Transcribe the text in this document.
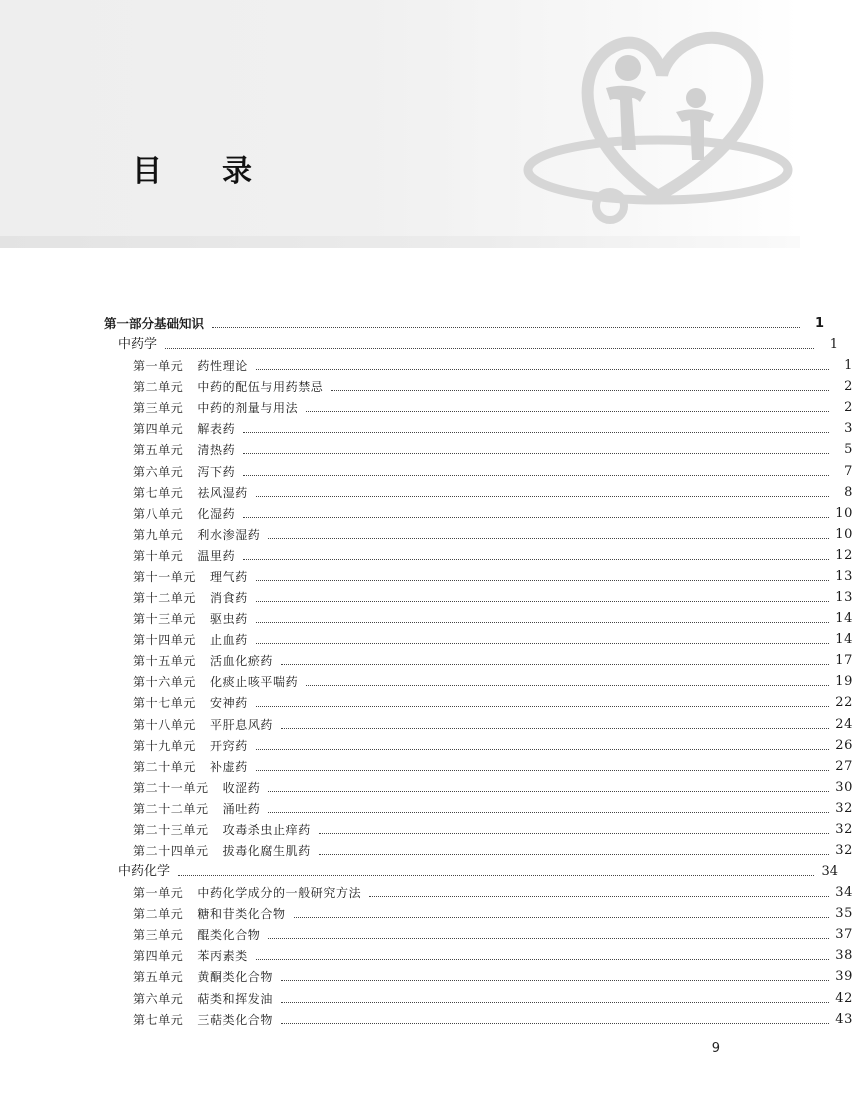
目 录
第一部分基础知识	1
中药学	1
第一单元 药性理论	1
第二单元 中药的配伍与用药禁忌	2
第三单元 中药的剂量与用法	2
第四单元 解表药	3
第五单元 清热药	5
第六单元 泻下药	7
第七单元 祛风湿药	8
第八单元 化湿药	10
第九单元 利水渗湿药	10
第十单元 温里药	12
第十一单元 理气药	13
第十二单元 消食药	13
第十三单元 驱虫药	14
第十四单元 止血药	14
第十五单元 活血化瘀药	17
第十六单元 化痰止咳平喘药	19
第十七单元 安神药	22
第十八单元 平肝息风药	24
第十九单元 开窍药	26
第二十单元 补虚药	27
第二十一单元 收涩药	30
第二十二单元 涌吐药	32
第二十三单元 攻毒杀虫止痒药	32
第二十四单元 拔毒化腐生肌药	32
中药化学	34
第一单元 中药化学成分的一般研究方法	34
第二单元 糖和苷类化合物	35
第三单元 醌类化合物	37
第四单元 苯丙素类	38
第五单元 黄酮类化合物	39
第六单元 萜类和挥发油	42
第七单元 三萜类化合物	43
9
